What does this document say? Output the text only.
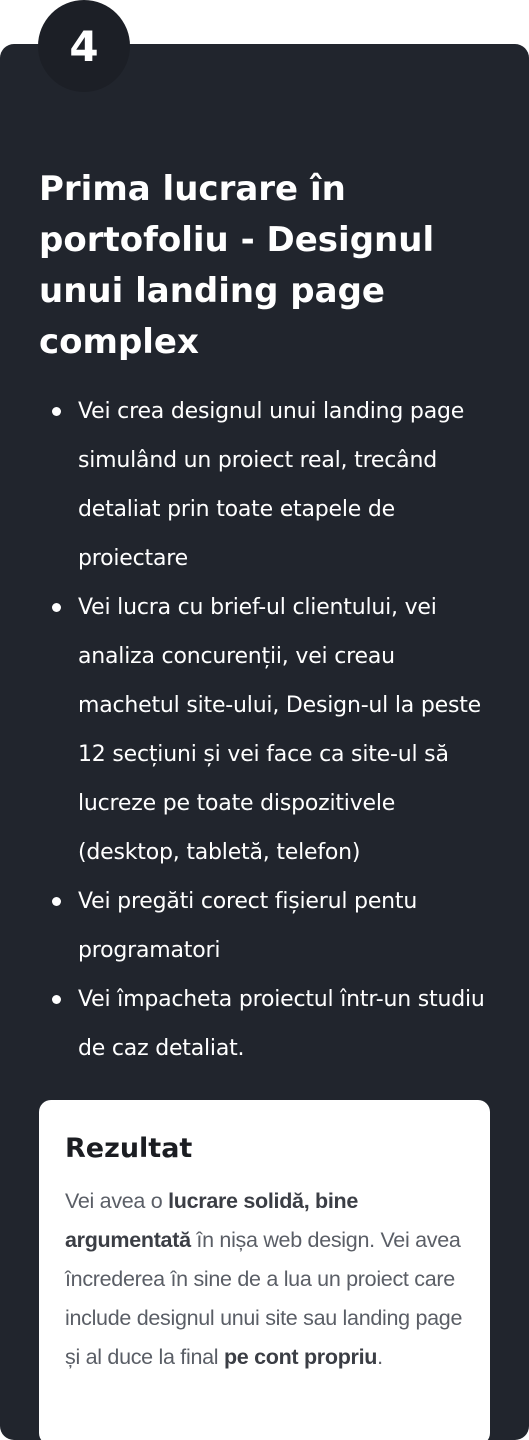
Prima lucrare în portofoliu - Designul unui landing page complex
Vei crea designul unui landing page simulând un proiect real, trecând detaliat prin toate etapele de proiectare
Vei lucra cu brief-ul clientului, vei analiza concurenții, vei creau machetul site-ului, Design-ul la peste 12 secțiuni și vei face ca site-ul să lucreze pe toate dispozitivele (desktop, tabletă, telefon)
Vei pregăti corect fișierul pentu programatori
Vei împacheta proiectul într-un studiu de caz detaliat.
Rezultat

Vei avea o lucrare solidă, bine argumentată în nișa web design. Vei avea încrederea în sine de a lua un proiect care include designul unui site sau landing page și al duce la final pe cont propriu.

4
